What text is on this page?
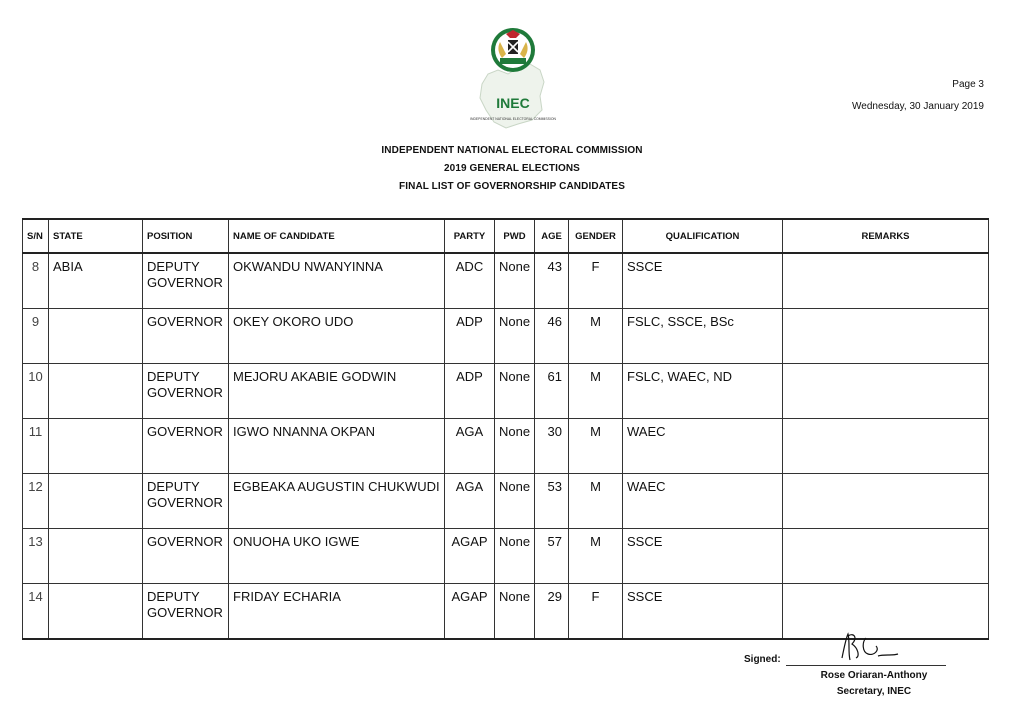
Page 3
Wednesday, 30 January 2019
INEC
INDEPENDENT NATIONAL ELECTORAL COMMISSION
INDEPENDENT NATIONAL ELECTORAL COMMISSION
2019 GENERAL ELECTIONS
FINAL LIST OF GOVERNORSHIP CANDIDATES
S/N	STATE	POSITION	NAME OF CANDIDATE	PARTY	PWD	AGE	GENDER	QUALIFICATION	REMARKS
8	ABIA	DEPUTY
GOVERNOR	OKWANDU NWANYINNA	ADC	None	43	F	SSCE	
9		GOVERNOR	OKEY OKORO UDO	ADP	None	46	M	FSLC, SSCE, BSc	
10		DEPUTY
GOVERNOR	MEJORU AKABIE GODWIN	ADP	None	61	M	FSLC, WAEC, ND	
11		GOVERNOR	IGWO NNANNA OKPAN	AGA	None	30	M	WAEC	
12		DEPUTY
GOVERNOR	EGBEAKA AUGUSTIN CHUKWUDI	AGA	None	53	M	WAEC	
13		GOVERNOR	ONUOHA UKO IGWE	AGAP	None	57	M	SSCE	
14		DEPUTY
GOVERNOR	FRIDAY ECHARIA	AGAP	None	29	F	SSCE	
Signed:
Rose Oriaran-Anthony
Secretary, INEC
